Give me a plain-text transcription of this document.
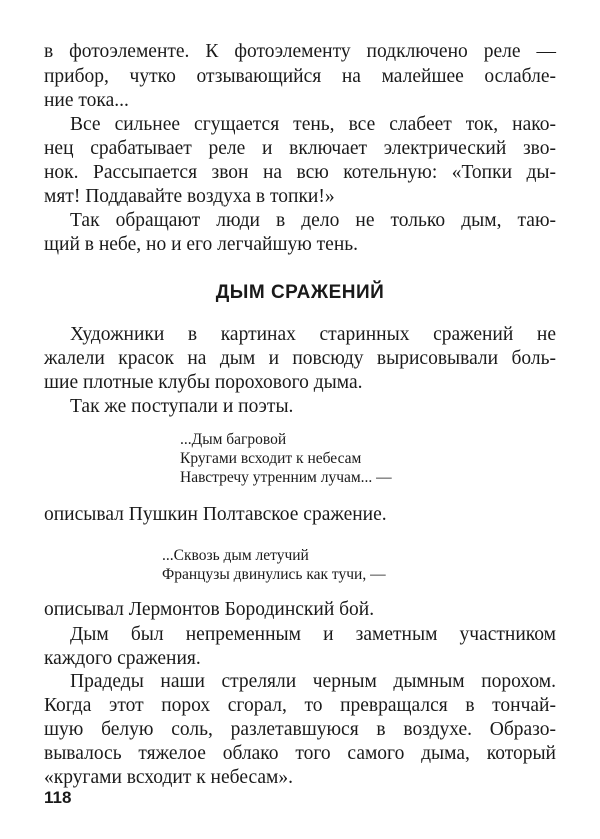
в фотоэлементе. К фотоэлементу подключено реле —
прибор, чутко отзывающийся на малейшее ослабле-
ние тока...
Все сильнее сгущается тень, все слабеет ток, нако-
нец срабатывает реле и включает электрический зво-
нок. Рассыпается звон на всю котельную: «Топки ды-
мят! Поддавайте воздуха в топки!»
Так обращают люди в дело не только дым, таю-
щий в небе, но и его легчайшую тень.
ДЫМ СРАЖЕНИЙ
Художники в картинах старинных сражений не
жалели красок на дым и повсюду вырисовывали боль-
шие плотные клубы порохового дыма.
Так же поступали и поэты.
...Дым багровой
Кругами всходит к небесам
Навстречу утренним лучам... —
описывал Пушкин Полтавское сражение.
...Сквозь дым летучий
Французы двинулись как тучи, —
описывал Лермонтов Бородинский бой.
Дым был непременным и заметным участником
каждого сражения.
Прадеды наши стреляли черным дымным порохом.
Когда этот порох сгорал, то превращался в тончай-
шую белую соль, разлетавшуюся в воздухе. Образо-
вывалось тяжелое облако того самого дыма, который
«кругами всходит к небесам».
118
